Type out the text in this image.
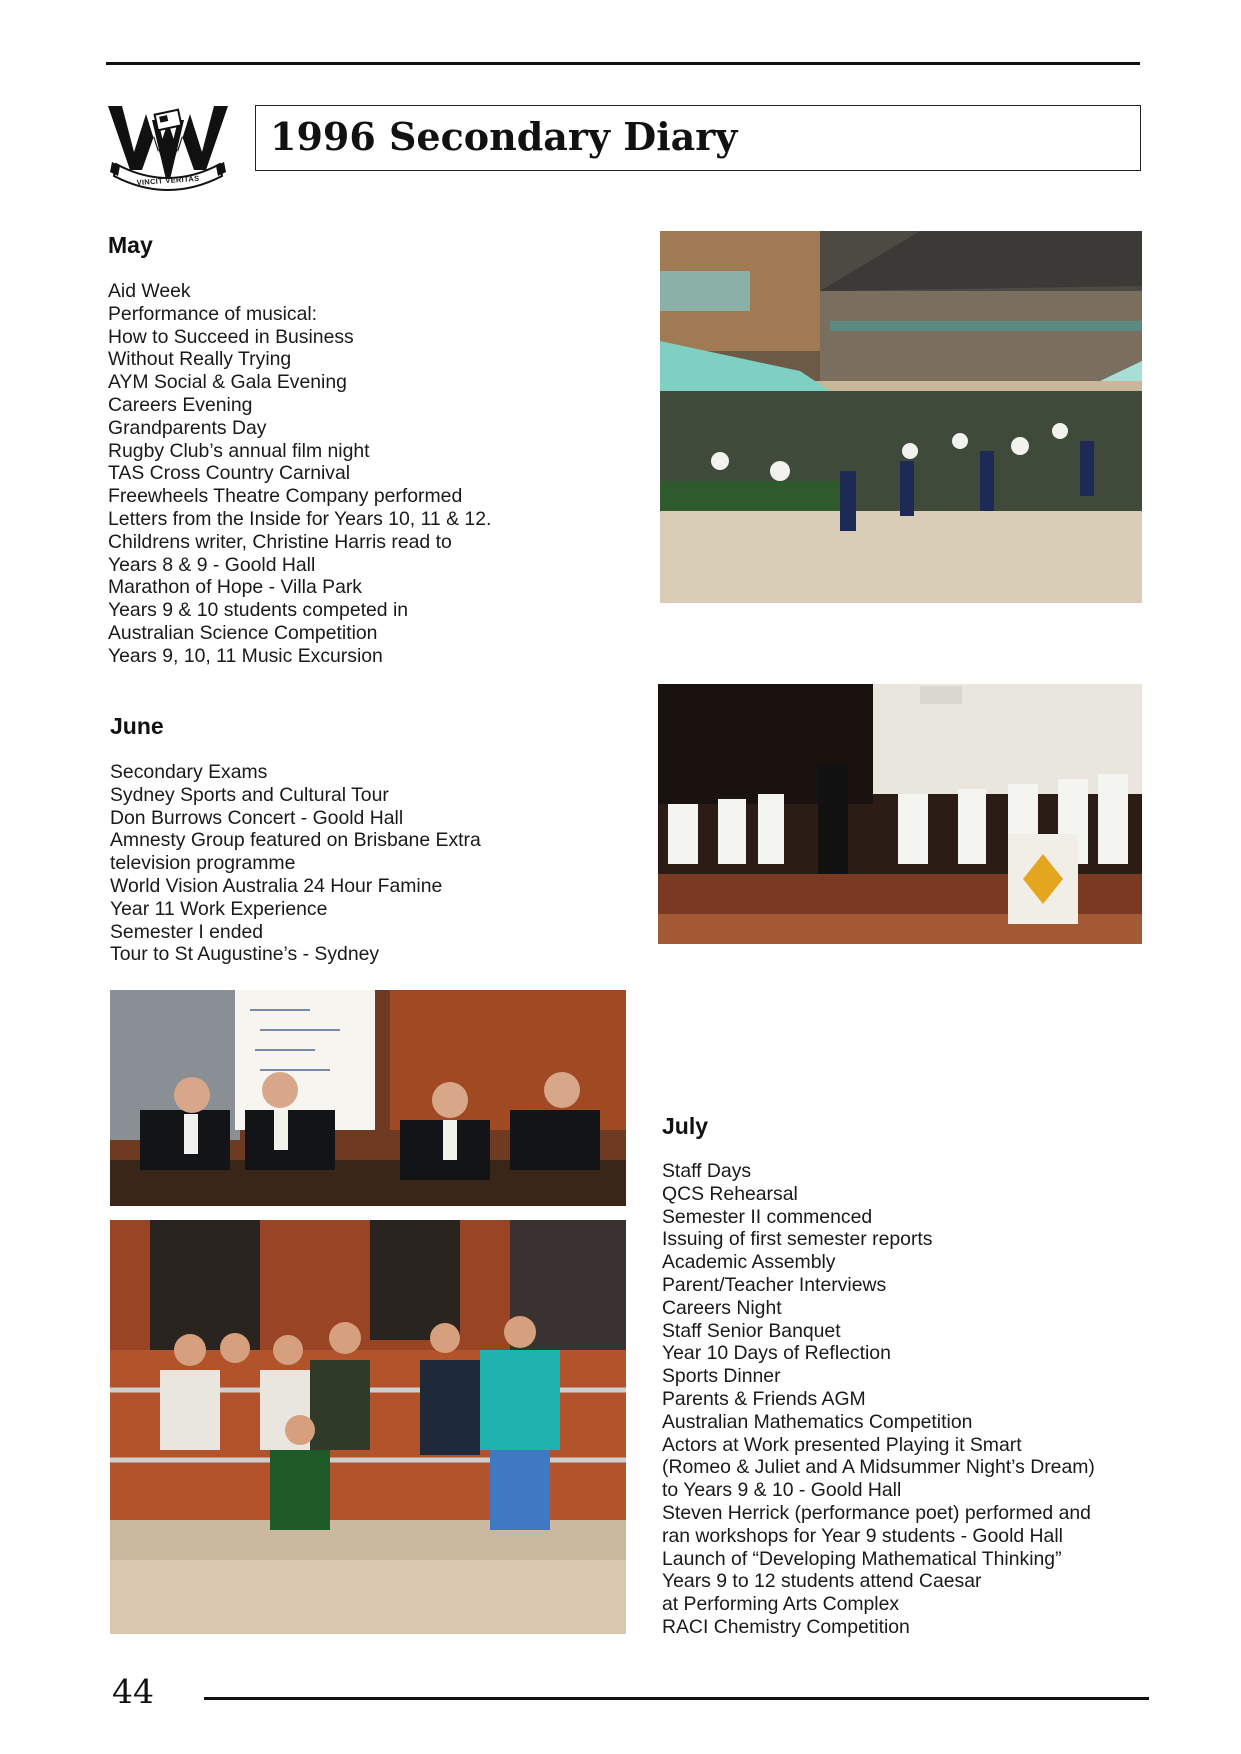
VINCIT VERITAS
1996 Secondary Diary
May
Aid Week
Performance of musical:
How to Succeed in Business
Without Really Trying
AYM Social & Gala Evening
Careers Evening
Grandparents Day
Rugby Club’s annual film night
TAS Cross Country Carnival
Freewheels Theatre Company performed
Letters from the Inside for Years 10, 11 & 12.
Childrens writer, Christine Harris read to
Years 8 & 9 - Goold Hall
Marathon of Hope - Villa Park
Years 9 & 10 students competed in
Australian Science Competition
Years 9, 10, 11 Music Excursion
June
Secondary Exams
Sydney Sports and Cultural Tour
Don Burrows Concert - Goold Hall
Amnesty Group featured on Brisbane Extra
television programme
World Vision Australia 24 Hour Famine
Year 11 Work Experience
Semester I ended
Tour to St Augustine’s - Sydney
July
Staff Days
QCS Rehearsal
Semester II commenced
Issuing of first semester reports
Academic Assembly
Parent/Teacher Interviews
Careers Night
Staff Senior Banquet
Year 10 Days of Reflection
Sports Dinner
Parents & Friends AGM
Australian Mathematics Competition
Actors at Work presented Playing it Smart
(Romeo & Juliet and A Midsummer Night’s Dream)
to Years 9 & 10 - Goold Hall
Steven Herrick (performance poet) performed and
ran workshops for Year 9 students - Goold Hall
Launch of “Developing Mathematical Thinking”
Years 9 to 12 students attend Caesar
at Performing Arts Complex
RACI Chemistry Competition
44
